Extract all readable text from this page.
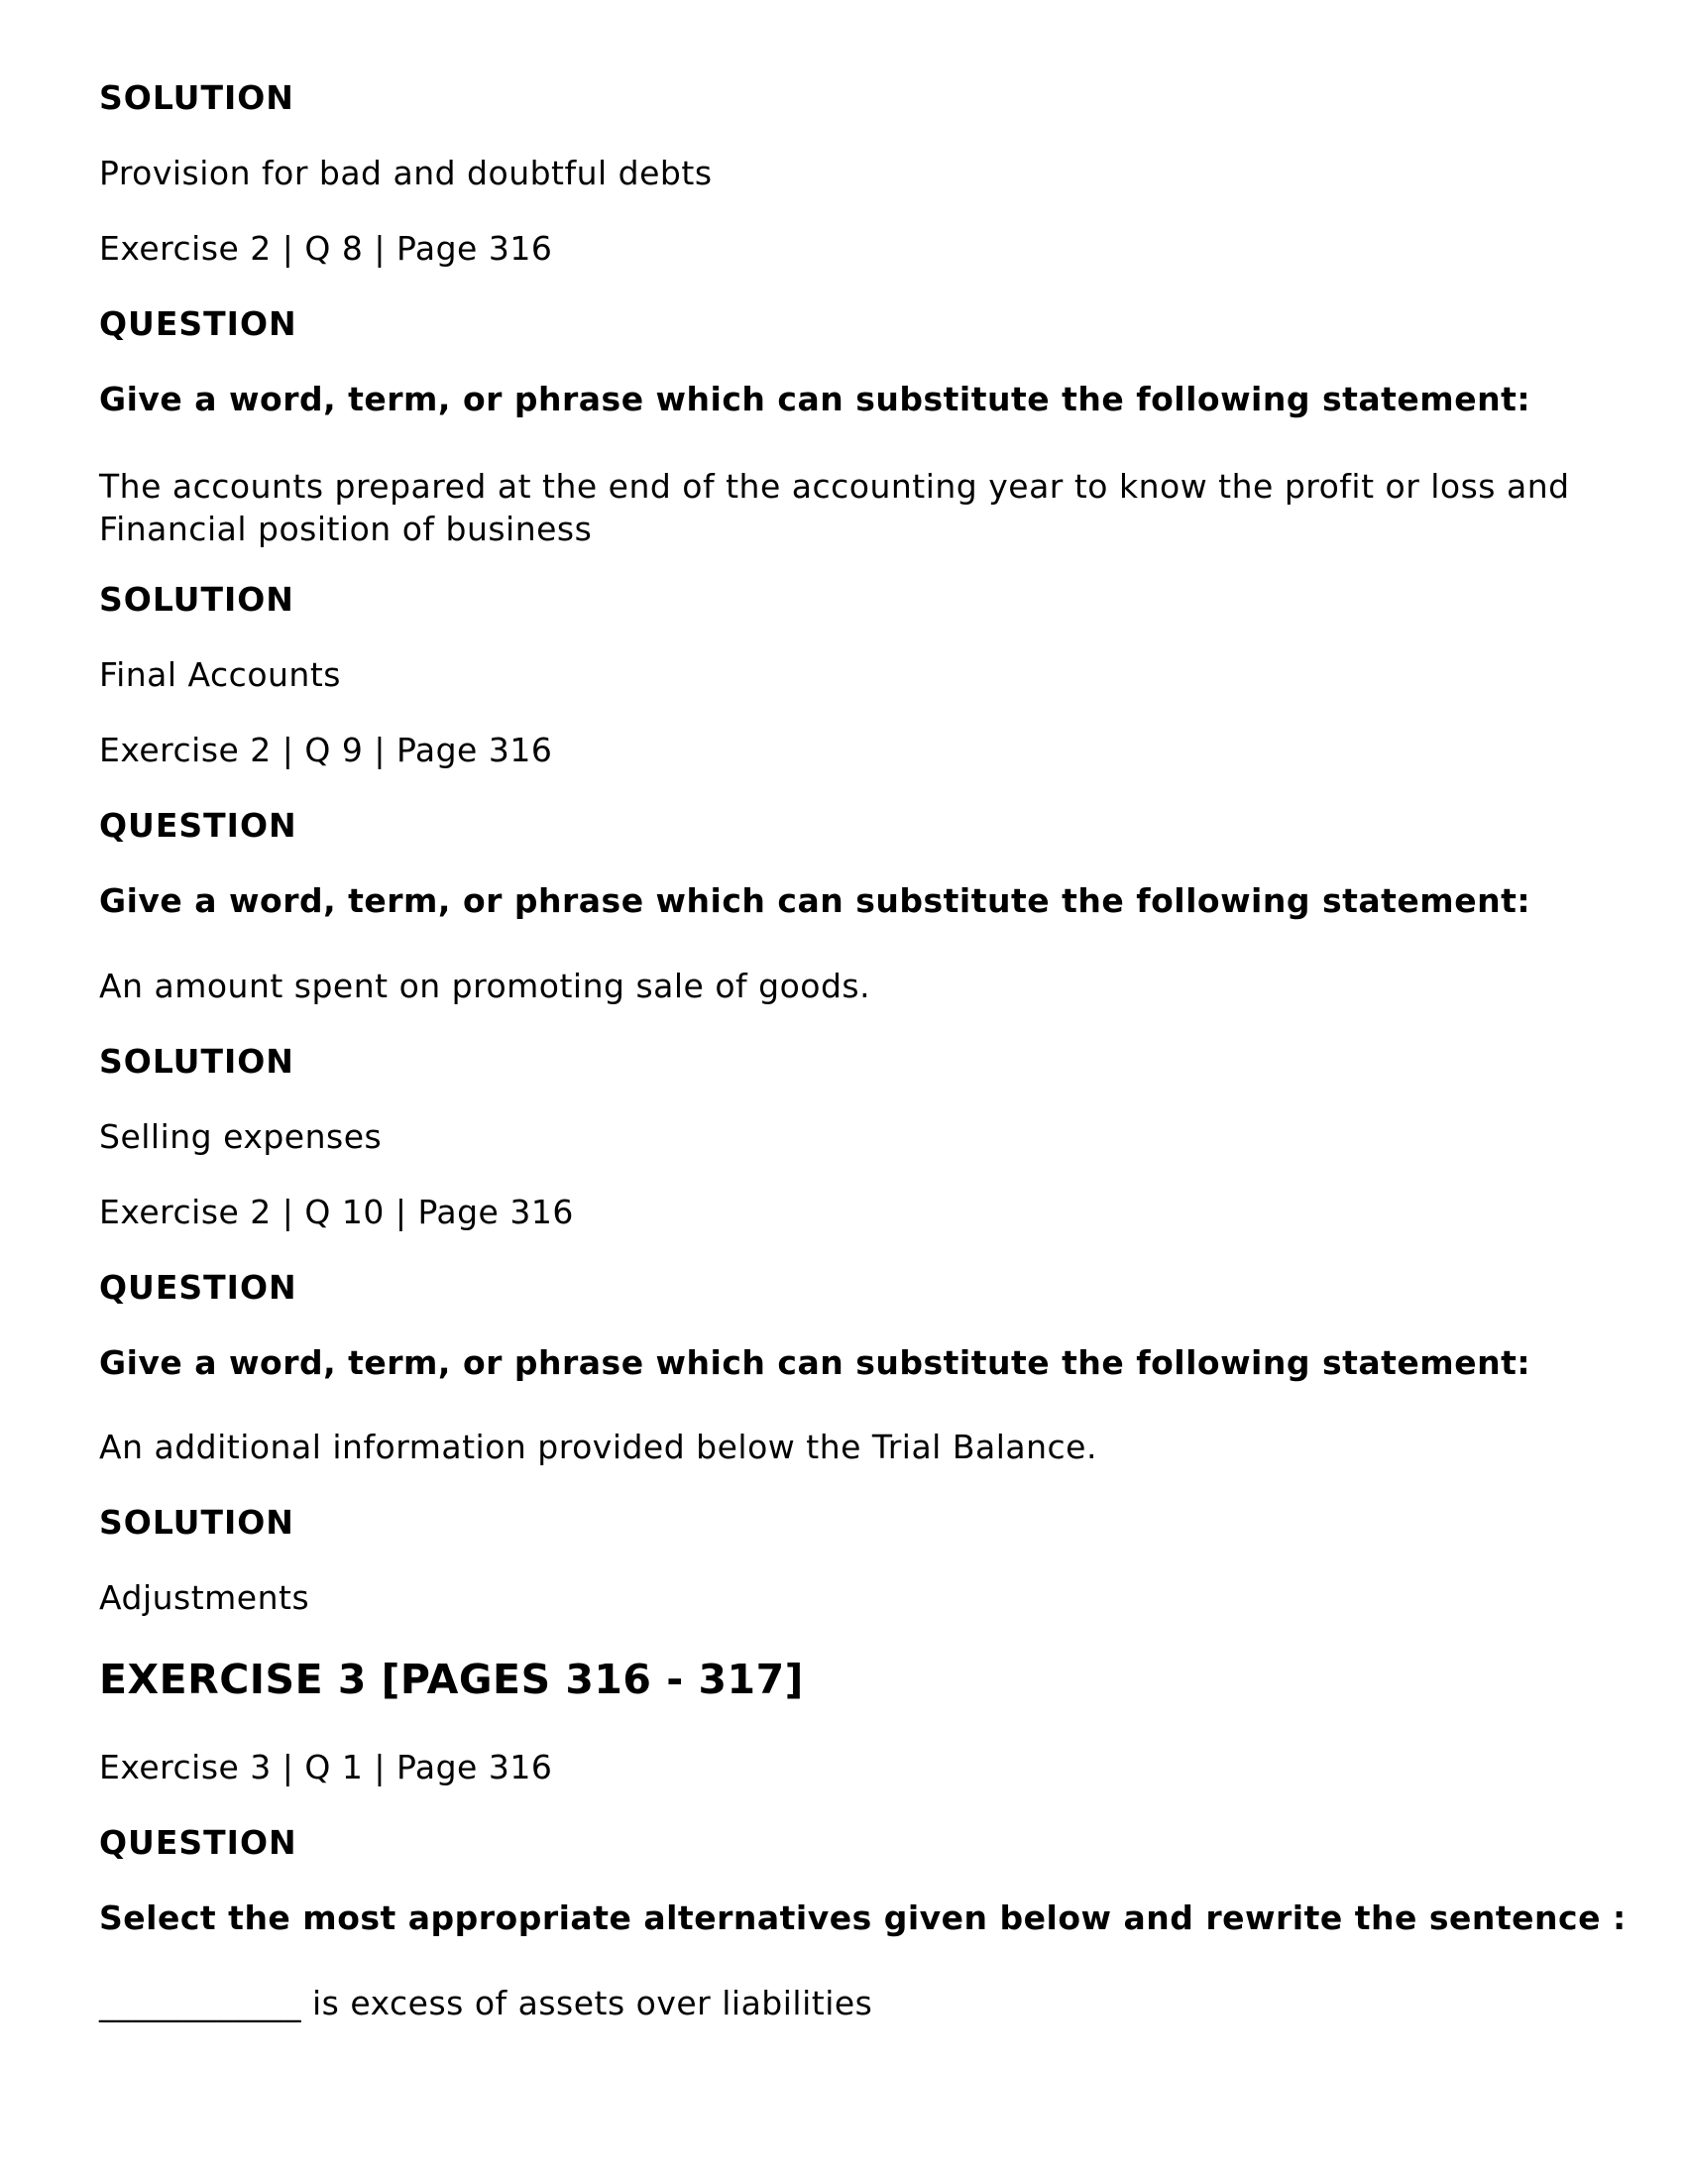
SOLUTION

Provision for bad and doubtful debts

Exercise 2 | Q 8 | Page 316

QUESTION

Give a word, term, or phrase which can substitute the following statement:

The accounts prepared at the end of the accounting year to know the profit or loss and Financial position of business

SOLUTION

Final Accounts

Exercise 2 | Q 9 | Page 316

QUESTION

Give a word, term, or phrase which can substitute the following statement:

An amount spent on promoting sale of goods.

SOLUTION

Selling expenses

Exercise 2 | Q 10 | Page 316

QUESTION

Give a word, term, or phrase which can substitute the following statement:

An additional information provided below the Trial Balance.

SOLUTION

Adjustments

EXERCISE 3 [PAGES 316 - 317]

Exercise 3 | Q 1 | Page 316

QUESTION

Select the most appropriate alternatives given below and rewrite the sentence :

____________ is excess of assets over liabilities
